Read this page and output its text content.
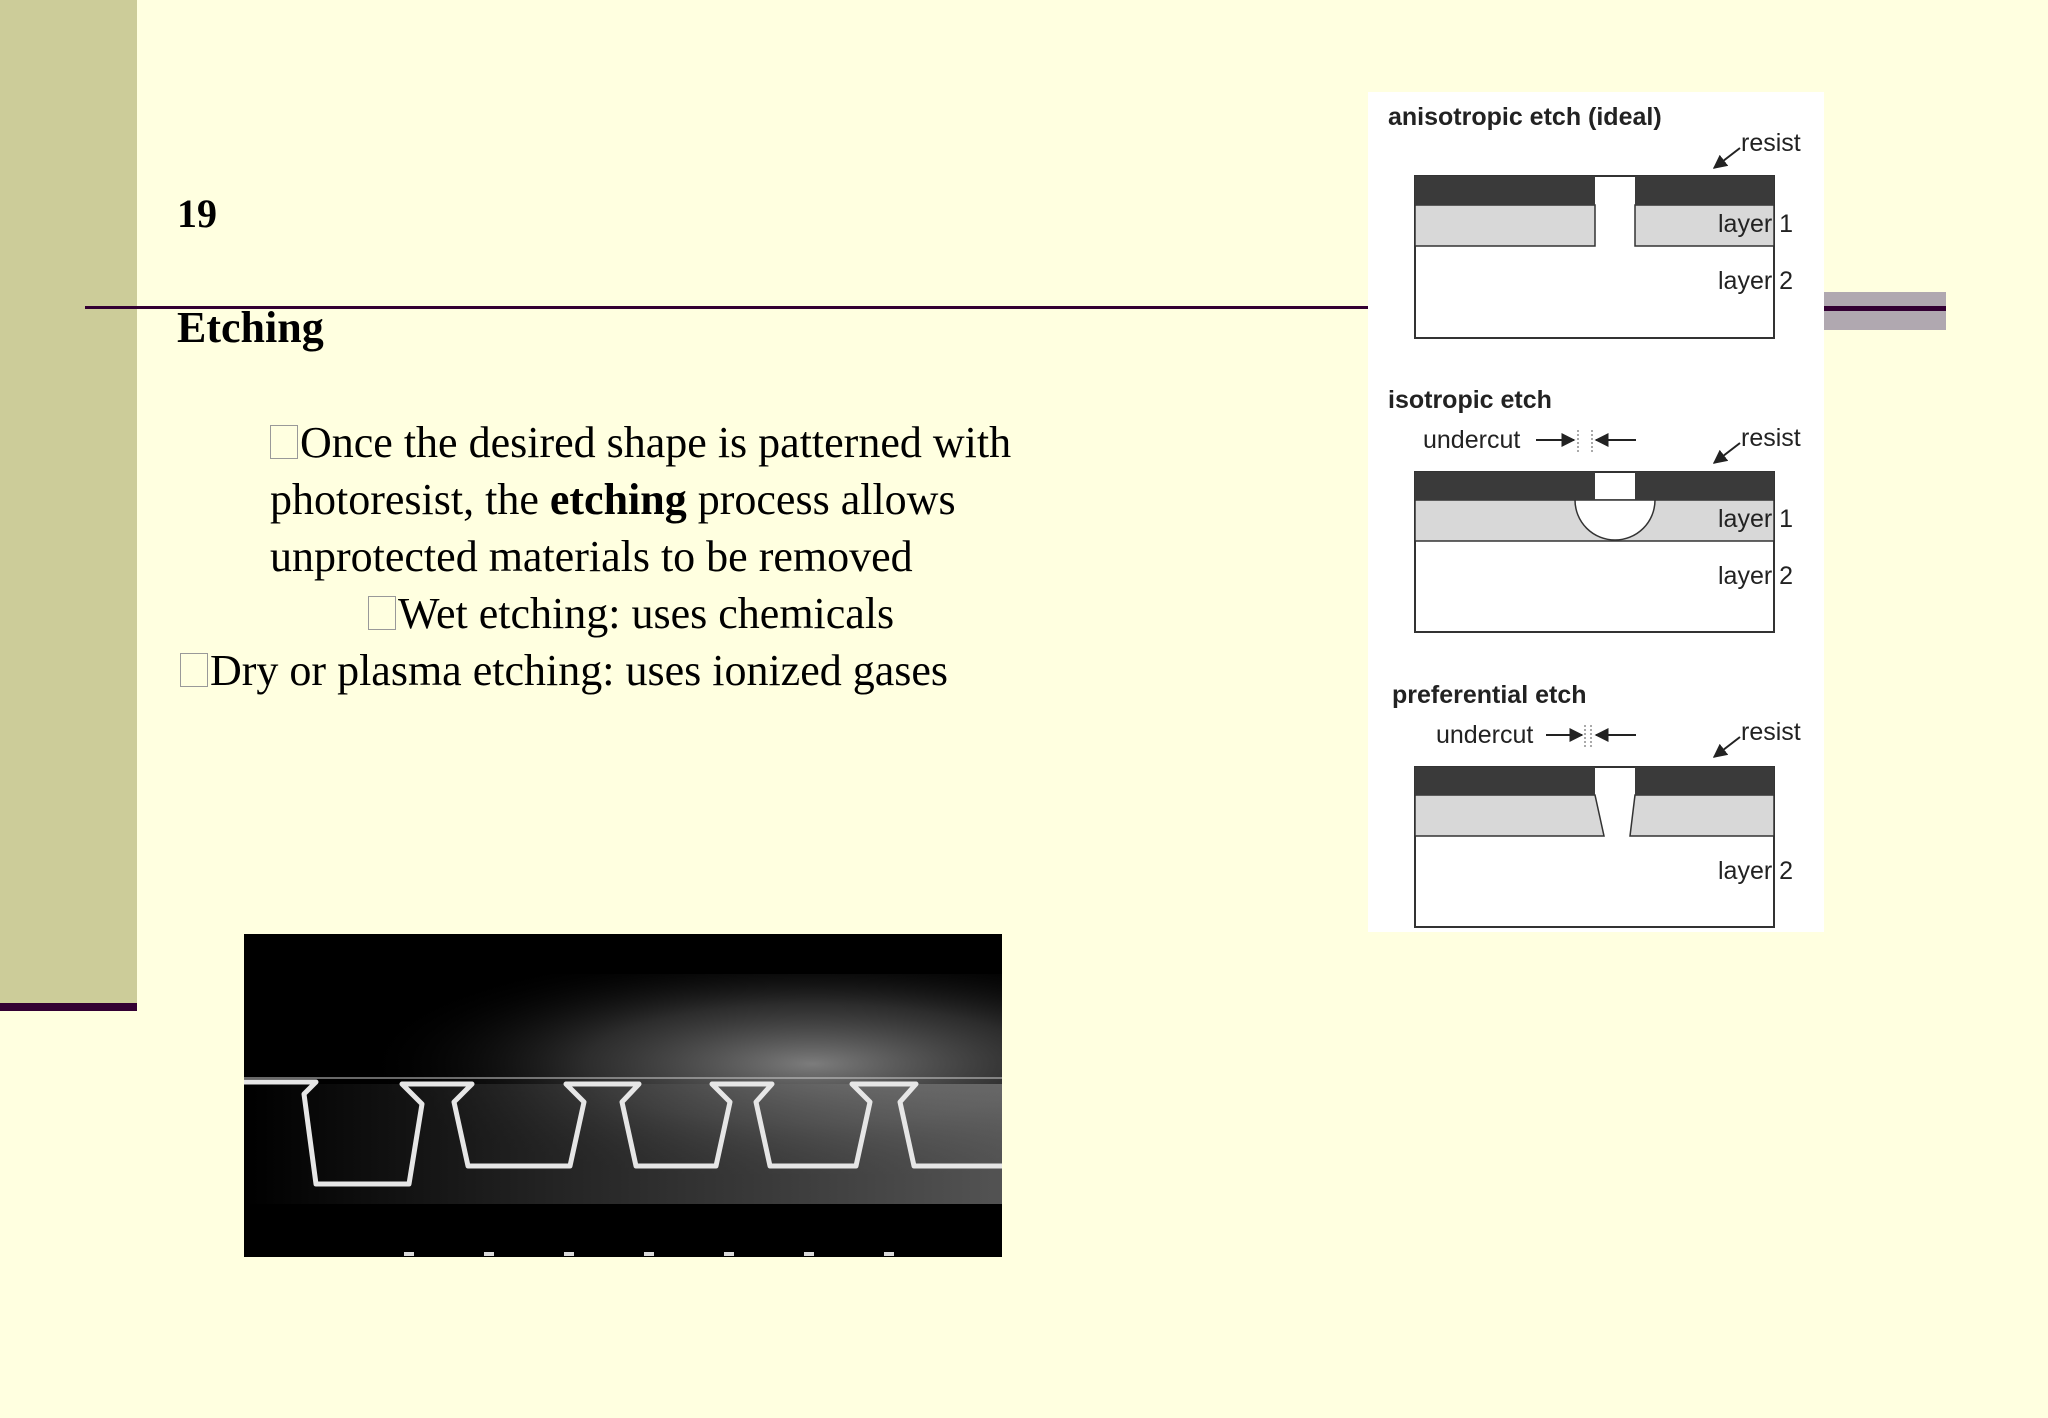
19
Etching
Once the desired shape is patterned with
photoresist, the etching process allows
unprotected materials to be removed
Wet etching: uses chemicals
Dry or plasma etching: uses ionized gases
anisotropic etch (ideal)
resist
layer 1
layer 2
isotropic etch
undercut	resist
layer 1
layer 2
preferential etch
undercut	resist
layer 2
